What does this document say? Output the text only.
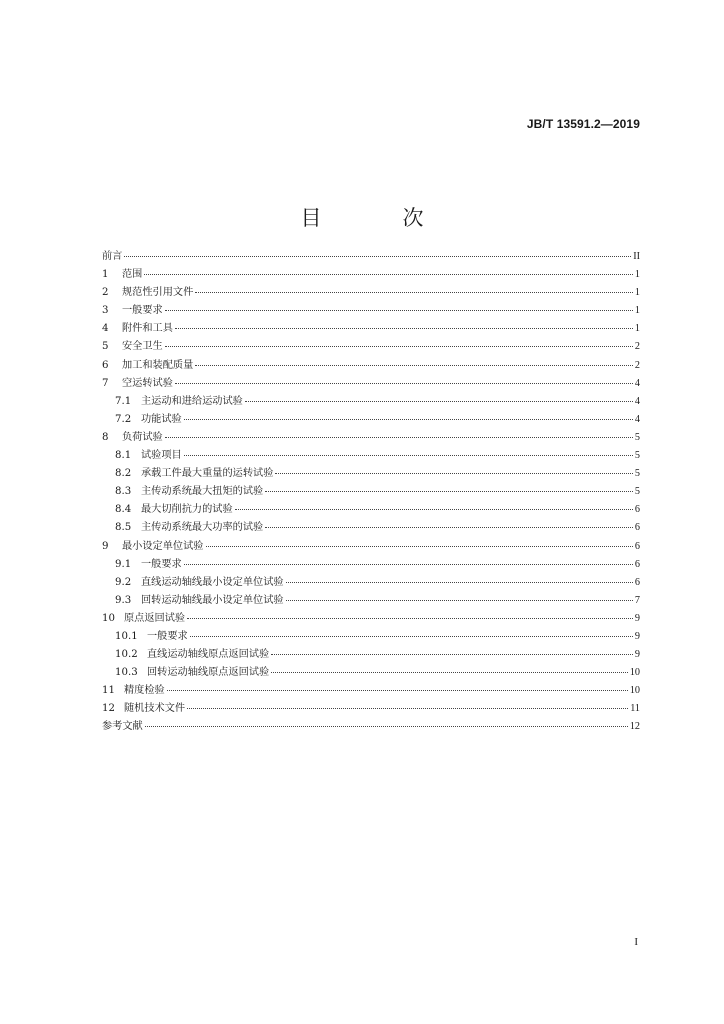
JB/T 13591.2—2019
目　次
前言	II
1	范围	1
2	规范性引用文件	1
3	一般要求	1
4	附件和工具	1
5	安全卫生	2
6	加工和装配质量	2
7	空运转试验	4
7.1 主运动和进给运动试验	4
7.2 功能试验	4
8	负荷试验	5
8.1 试验项目	5
8.2 承载工件最大重量的运转试验	5
8.3 主传动系统最大扭矩的试验	5
8.4 最大切削抗力的试验	6
8.5 主传动系统最大功率的试验	6
9	最小设定单位试验	6
9.1 一般要求	6
9.2 直线运动轴线最小设定单位试验	6
9.3 回转运动轴线最小设定单位试验	7
10 原点返回试验	9
10.1 一般要求	9
10.2 直线运动轴线原点返回试验	9
10.3 回转运动轴线原点返回试验	10
11 精度检验	10
12 随机技术文件	11
参考文献	12
I
